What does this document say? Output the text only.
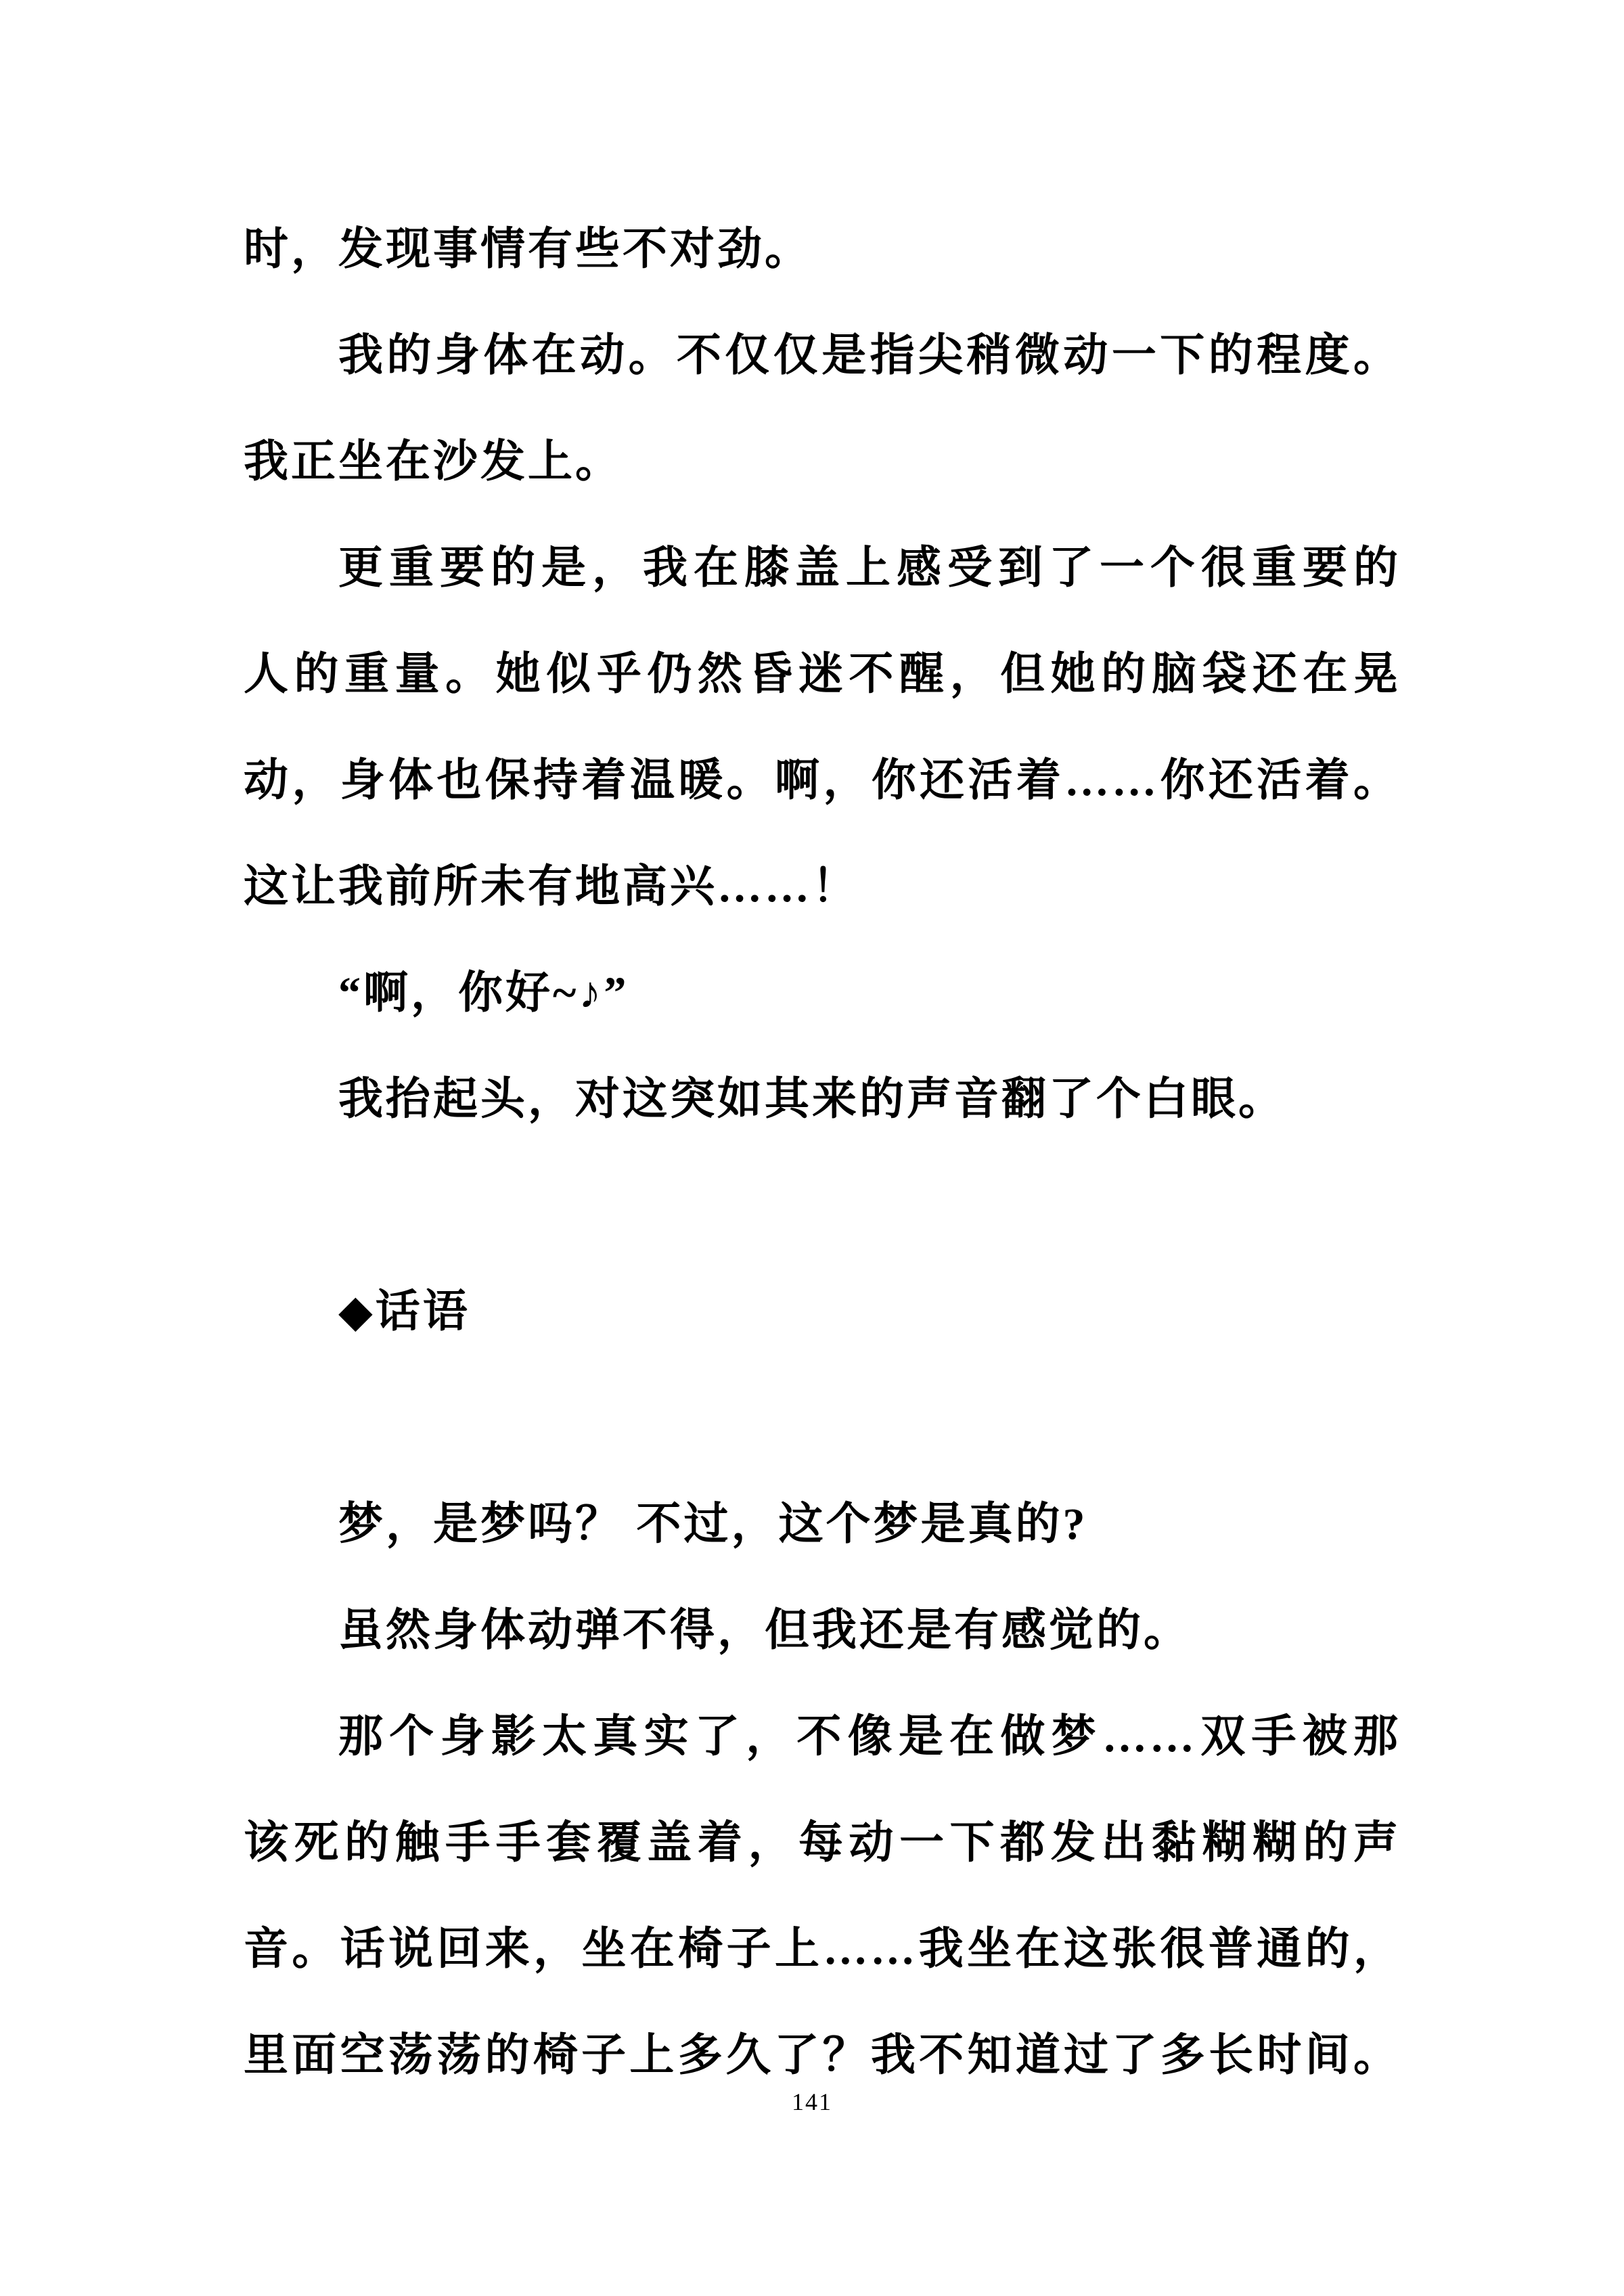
时，发现事情有些不对劲。
我的身体在动。不仅仅是指尖稍微动一下的程度。
我正坐在沙发上。
更重要的是，我在膝盖上感受到了一个很重要的
人的重量。她似乎仍然昏迷不醒，但她的脑袋还在晃
动，身体也保持着温暖。啊，你还活着……你还活着。
这让我前所未有地高兴……！
“啊，你好~♪”
我抬起头，对这突如其来的声音翻了个白眼。
◆话语
梦，是梦吗？ 不过，这个梦是真的?
虽然身体动弹不得，但我还是有感觉的。
那个身影太真实了，不像是在做梦……双手被那
该死的触手手套覆盖着，每动一下都发出黏糊糊的声
音。话说回来，坐在椅子上……我坐在这张很普通的，
里面空荡荡的椅子上多久了？我不知道过了多长时间。
141
